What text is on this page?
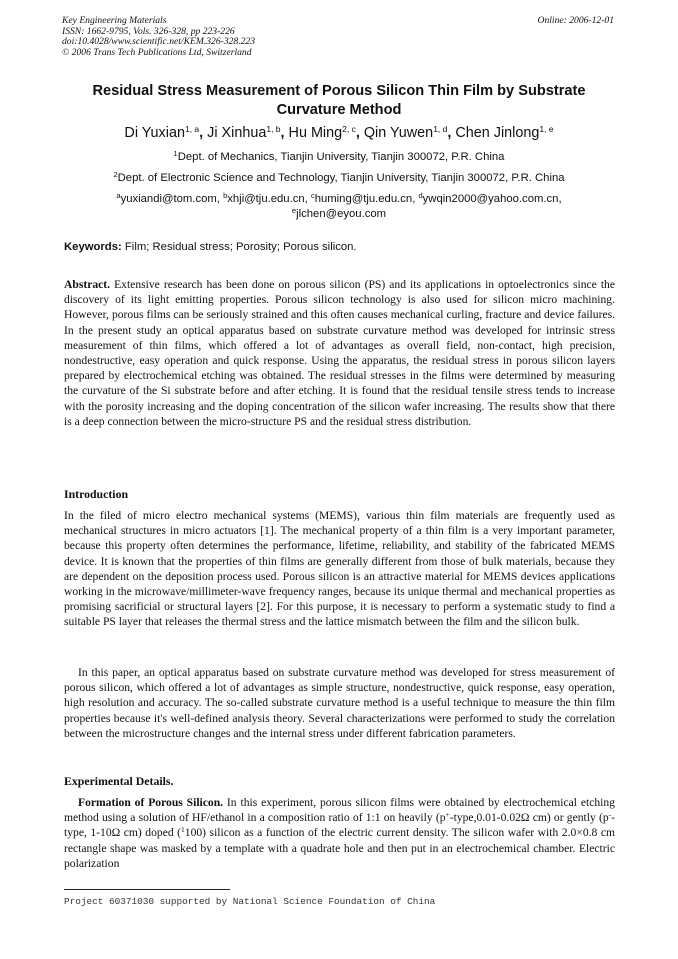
Key Engineering Materials
ISSN: 1662-9795, Vols. 326-328, pp 223-226
doi:10.4028/www.scientific.net/KEM.326-328.223
© 2006 Trans Tech Publications Ltd, Switzerland
Online: 2006-12-01
Residual Stress Measurement of Porous Silicon Thin Film by Substrate
Curvature Method
Di Yuxian$^{1, a}$, Ji Xinhua$^{1, b}$, Hu Ming$^{2, c}$, Qin Yuwen$^{1, d}$, Chen Jinlong$^{1, e}$
$^1$Dept. of Mechanics, Tianjin University, Tianjin 300072, P.R. China
$^2$Dept. of Electronic Science and Technology, Tianjin University, Tianjin 300072, P.R. China
$^a$yuxiandi@tom.com, $^b$xhji@tju.edu.cn, $^c$huming@tju.edu.cn, $^d$ywqin2000@yahoo.com.cn,
$^e$jlchen@eyou.com
Keywords: Film; Residual stress; Porosity; Porous silicon.
Abstract. Extensive research has been done on porous silicon (PS) and its applications in optoelectronics since the discovery of its light emitting properties. Porous silicon technology is also used for silicon micro machining. However, porous films can be seriously strained and this often causes mechanical curling, fracture and device failures. In the present study an optical apparatus based on substrate curvature method was developed for intrinsic stress measurement of thin films, which offered a lot of advantages as overall field, non-contact, high precision, nondestructive, easy operation and quick response. Using the apparatus, the residual stress in porous silicon layers prepared by electrochemical etching was obtained. The residual stresses in the films were determined by measuring the curvature of the Si substrate before and after etching. It is found that the residual tensile stress tends to increase with the porosity increasing and the doping concentration of the silicon wafer increasing. The results show that there is a deep connection between the micro-structure PS and the residual stress distribution.
Introduction
In the filed of micro electro mechanical systems (MEMS), various thin film materials are frequently used as mechanical structures in micro actuators [1]. The mechanical property of a thin film is a very important parameter, because this property often determines the performance, lifetime, reliability, and stability of the fabricated MEMS device. It is known that the properties of thin films are generally different from those of bulk materials, because they are dependent on the deposition process used. Porous silicon is an attractive material for MEMS devices applications working in the microwave/millimeter-wave frequency ranges, because its unique thermal and mechanical properties as promising sacrificial or structural layers [2]. For this purpose, it is necessary to perform a systematic study to find a suitable PS layer that releases the thermal stress and the lattice mismatch between the film and the silicon bulk.
In this paper, an optical apparatus based on substrate curvature method was developed for stress measurement of porous silicon, which offered a lot of advantages as simple structure, nondestructive, quick response, easy operation, high resolution and accuracy. The so-called substrate curvature method is a useful technique to measure the thin film properties because it's well-defined analysis theory. Several characterizations were performed to study the correlation between the microstructure changes and the internal stress under different fabrication parameters.
Experimental Details.
Formation of Porous Silicon. In this experiment, porous silicon films were obtained by electrochemical etching method using a solution of HF/ethanol in a composition ratio of 1:1 on heavily (p+-type,0.01-0.02Ω cm) or gently (p--type, 1-10Ω cm) doped ($^1$100) silicon as a function of the electric current density. The silicon wafer with 2.0×0.8 cm rectangle shape was masked by a template with a quadrate hole and then put in an electrochemical chamber. Electric polarization
Project 60371030 supported by National Science Foundation of China
